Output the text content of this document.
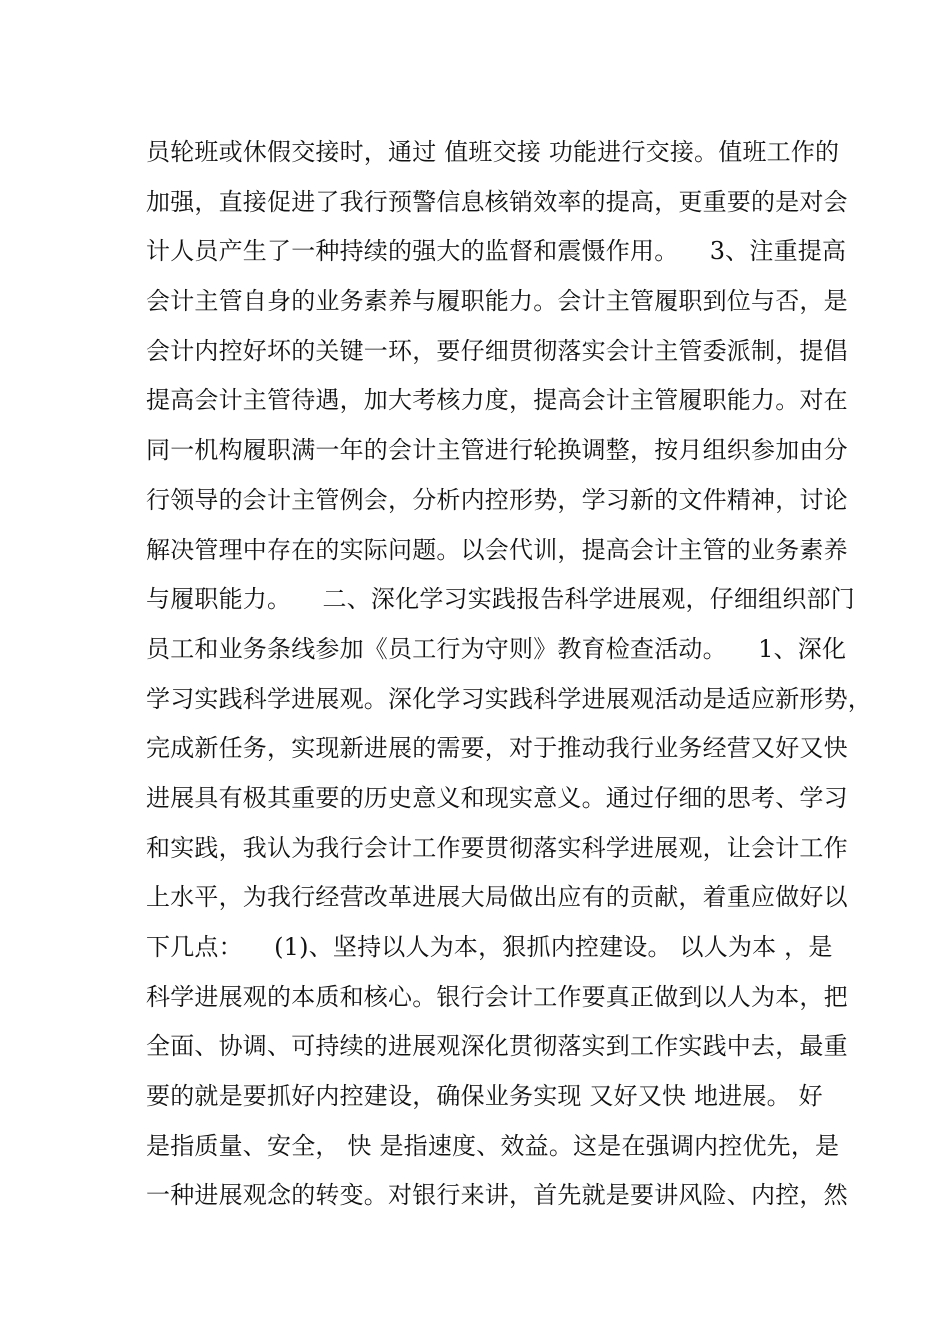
员轮班或休假交接时，通过 值班交接 功能进行交接。值班工作的
加强，直接促进了我行预警信息核销效率的提高，更重要的是对会
计人员产生了一种持续的强大的监督和震慑作用。    3、注重提高
会计主管自身的业务素养与履职能力。会计主管履职到位与否，是
会计内控好坏的关键一环，要仔细贯彻落实会计主管委派制，提倡
提高会计主管待遇，加大考核力度，提高会计主管履职能力。对在
同一机构履职满一年的会计主管进行轮换调整，按月组织参加由分
行领导的会计主管例会，分析内控形势，学习新的文件精神，讨论
解决管理中存在的实际问题。以会代训，提高会计主管的业务素养
与履职能力。    二、深化学习实践报告科学进展观，仔细组织部门
员工和业务条线参加《员工行为守则》教育检查活动。    1、深化
学习实践科学进展观。深化学习实践科学进展观活动是适应新形势，
完成新任务，实现新进展的需要，对于推动我行业务经营又好又快
进展具有极其重要的历史意义和现实意义。通过仔细的思考、学习
和实践，我认为我行会计工作要贯彻落实科学进展观，让会计工作
上水平，为我行经营改革进展大局做出应有的贡献，着重应做好以
下几点：    (1)、坚持以人为本，狠抓内控建设。 以人为本 ，是
科学进展观的本质和核心。银行会计工作要真正做到以人为本，把
全面、协调、可持续的进展观深化贯彻落实到工作实践中去，最重
要的就是要抓好内控建设，确保业务实现 又好又快 地进展。 好
是指质量、安全， 快 是指速度、效益。这是在强调内控优先，是
一种进展观念的转变。对银行来讲，首先就是要讲风险、内控，然
